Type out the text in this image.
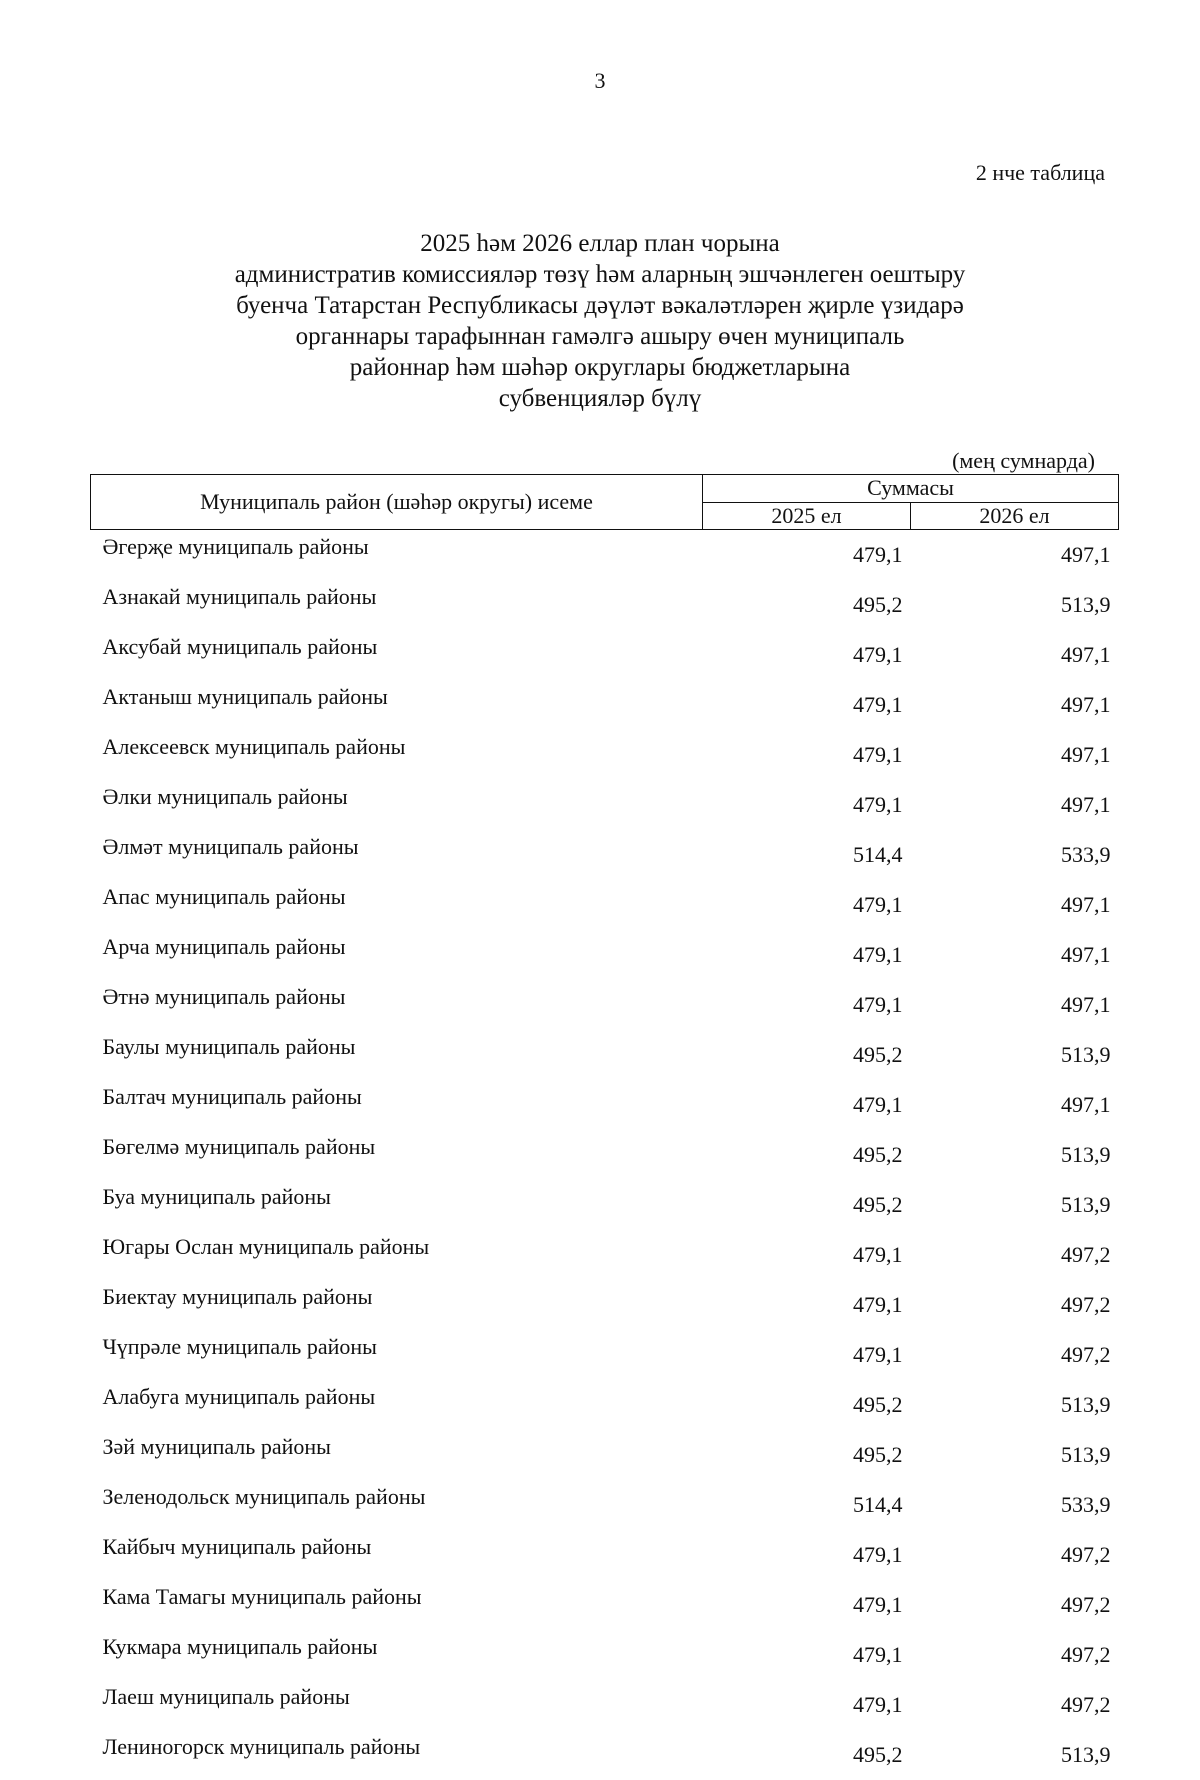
3
2 нче таблица
2025 һәм 2026 еллар план чорына
административ комиссияләр төзү һәм аларның эшчәнлеген оештыру
буенча Татарстан Республикасы дәүләт вәкаләтләрен җирле үзидарә
органнары тарафыннан гамәлгә ашыру өчен муниципаль
районнар һәм шәһәр округлары бюджетларына
субвенцияләр бүлү
(мең сумнарда)
Муниципаль район (шәһәр округы) исеме	Суммасы	
	2025 ел	2026 ел
Әгерҗе муниципаль районы	479,1	497,1
Азнакай муниципаль районы	495,2	513,9
Аксубай муниципаль районы	479,1	497,1
Актаныш муниципаль районы	479,1	497,1
Алексеевск муниципаль районы	479,1	497,1
Әлки муниципаль районы	479,1	497,1
Әлмәт муниципаль районы	514,4	533,9
Апас муниципаль районы	479,1	497,1
Арча муниципаль районы	479,1	497,1
Әтнә муниципаль районы	479,1	497,1
Баулы муниципаль районы	495,2	513,9
Балтач муниципаль районы	479,1	497,1
Бөгелмә муниципаль районы	495,2	513,9
Буа муниципаль районы	495,2	513,9
Югары Ослан муниципаль районы	479,1	497,2
Биектау муниципаль районы	479,1	497,2
Чүпрәле муниципаль районы	479,1	497,2
Алабуга муниципаль районы	495,2	513,9
Зәй муниципаль районы	495,2	513,9
Зеленодольск муниципаль районы	514,4	533,9
Кайбыч муниципаль районы	479,1	497,2
Кама Тамагы муниципаль районы	479,1	497,2
Кукмара муниципаль районы	479,1	497,2
Лаеш муниципаль районы	479,1	497,2
Лениногорск муниципаль районы	495,2	513,9
